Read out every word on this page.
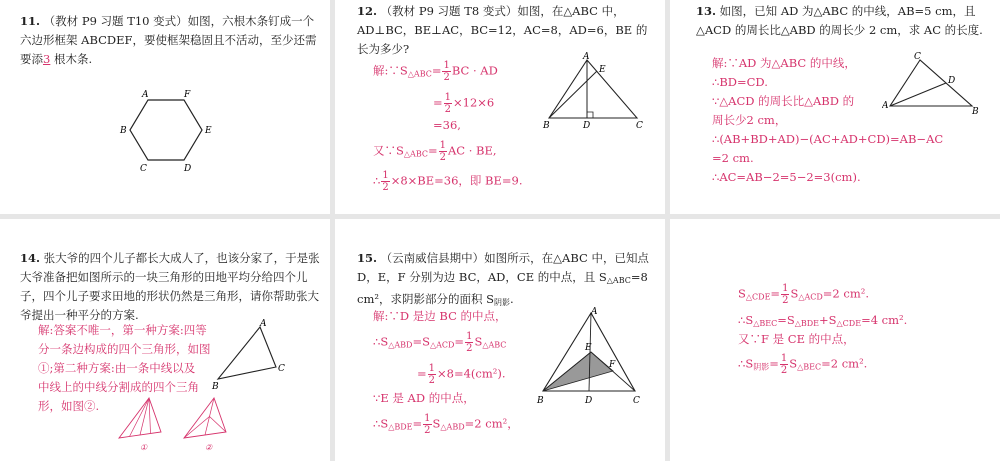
11. （教材 P9 习题 T10 变式）如图，六根木条钉成一个六边形框架 ABCDEF，要使框架稳固且不活动，至少还需要添3 根木条.
A	F
B	E
C	D
12. （教材 P9 习题 T8 变式）如图，在△ABC 中，AD⊥BC，BE⊥AC，BC=12，AC=8，AD=6，BE 的长为多少?
解$:\because S_{\triangle ABC}= \frac{1}{2}$ BC · AD
= $\frac{1}{2} \times 12\times 6$
=36,
又$\because S_{\triangle ABC}= \frac{1}{2}$ AC · BE,
∴ $\frac{1}{2} \times 8\times BE=36$，即 BE=9.
A
E
B	D	C
13. 如图，已知 AD 为△ABC 的中线，AB=5 cm，且△ACD 的周长比△ABD 的周长少 2 cm，求 AC 的长度.
解:∵AD 为△ABC 的中线，
∴BD=CD.
∵△ACD 的周长比△ABD 的
周长少2 cm，
∴(AB+BD+AD)−(AC+AD+CD)=AB−AC
=2 cm.
∴AC=AB−2=5−2=3(cm).
C
D
A
B
14. 张大爷的四个儿子都长大成人了，也该分家了，于是张大爷准备把如图所示的一块三角形的田地平均分给四个儿子，四个儿子要求田地的形状仍然是三角形，请你帮助张大爷提出一种平分的方案.
解:答案不唯一，第一种方案:四等
分一条边构成的四个三角形，如图
①;第二种方案:由一条中线以及
中线上的中线分割成的四个三角
形，如图②.
A
B
C
①	②
15. （云南威信县期中）如图所示，在△ABC 中，已知点D，E，F 分别为边 BC，AD，CE 的中点，且 $S_{\triangle ABC}=8$ cm²，求阴影部分的面积 $S_{阴影}$.
解:∵D 是边 BC 的中点，
$\therefore S_{\triangle ABD}=S_{\triangle ACD}= \frac{1}{2} S_{\triangle ABC}$
= $\frac{1}{2} \times 8=4(cm^2)$.
∵E 是 AD 的中点，
$\therefore S_{\triangle BDE}= \frac{1}{2} S_{\triangle ABD}=2$ cm²，
A
E
F
B	D	C
$S_{\triangle CDE}= \frac{1}{2} S_{\triangle ACD}=2$ cm².
$\therefore S_{\triangle BEC}=S_{\triangle BDE}+S_{\triangle CDE}=4$ cm².
又∵F 是 CE 的中点，
$\therefore S_{阴影}= \frac{1}{2} S_{\triangle BEC}=2$ cm².
